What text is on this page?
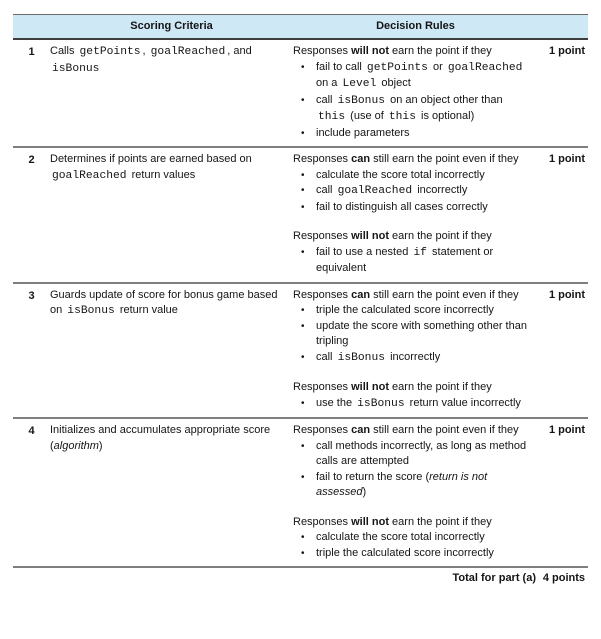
Scoring Criteria	Decision Rules
1	Calls getPoints , goalReached , and isBonus
Responses will not earn the point if they
•	fail to call getPoints or goalReached on a Level object
•	call isBonus on an object other than this (use of this is optional)
•	include parameters
1 point
2	Determines if points are earned based on goalReached return values
Responses can still earn the point even if they
•	calculate the score total incorrectly
•	call goalReached incorrectly
•	fail to distinguish all cases correctly
Responses will not earn the point if they
•	fail to use a nested if statement or equivalent
1 point
3	Guards update of score for bonus game based on isBonus return value
Responses can still earn the point even if they
•	triple the calculated score incorrectly
•	update the score with something other than tripling
•	call isBonus incorrectly
Responses will not earn the point if they
•	use the isBonus return value incorrectly
1 point
4	Initializes and accumulates appropriate score (algorithm)
Responses can still earn the point even if they
•	call methods incorrectly, as long as method calls are attempted
•	fail to return the score (return is not assessed)
Responses will not earn the point if they
•	calculate the score total incorrectly
•	triple the calculated score incorrectly
1 point
Total for part (a) 4 points
